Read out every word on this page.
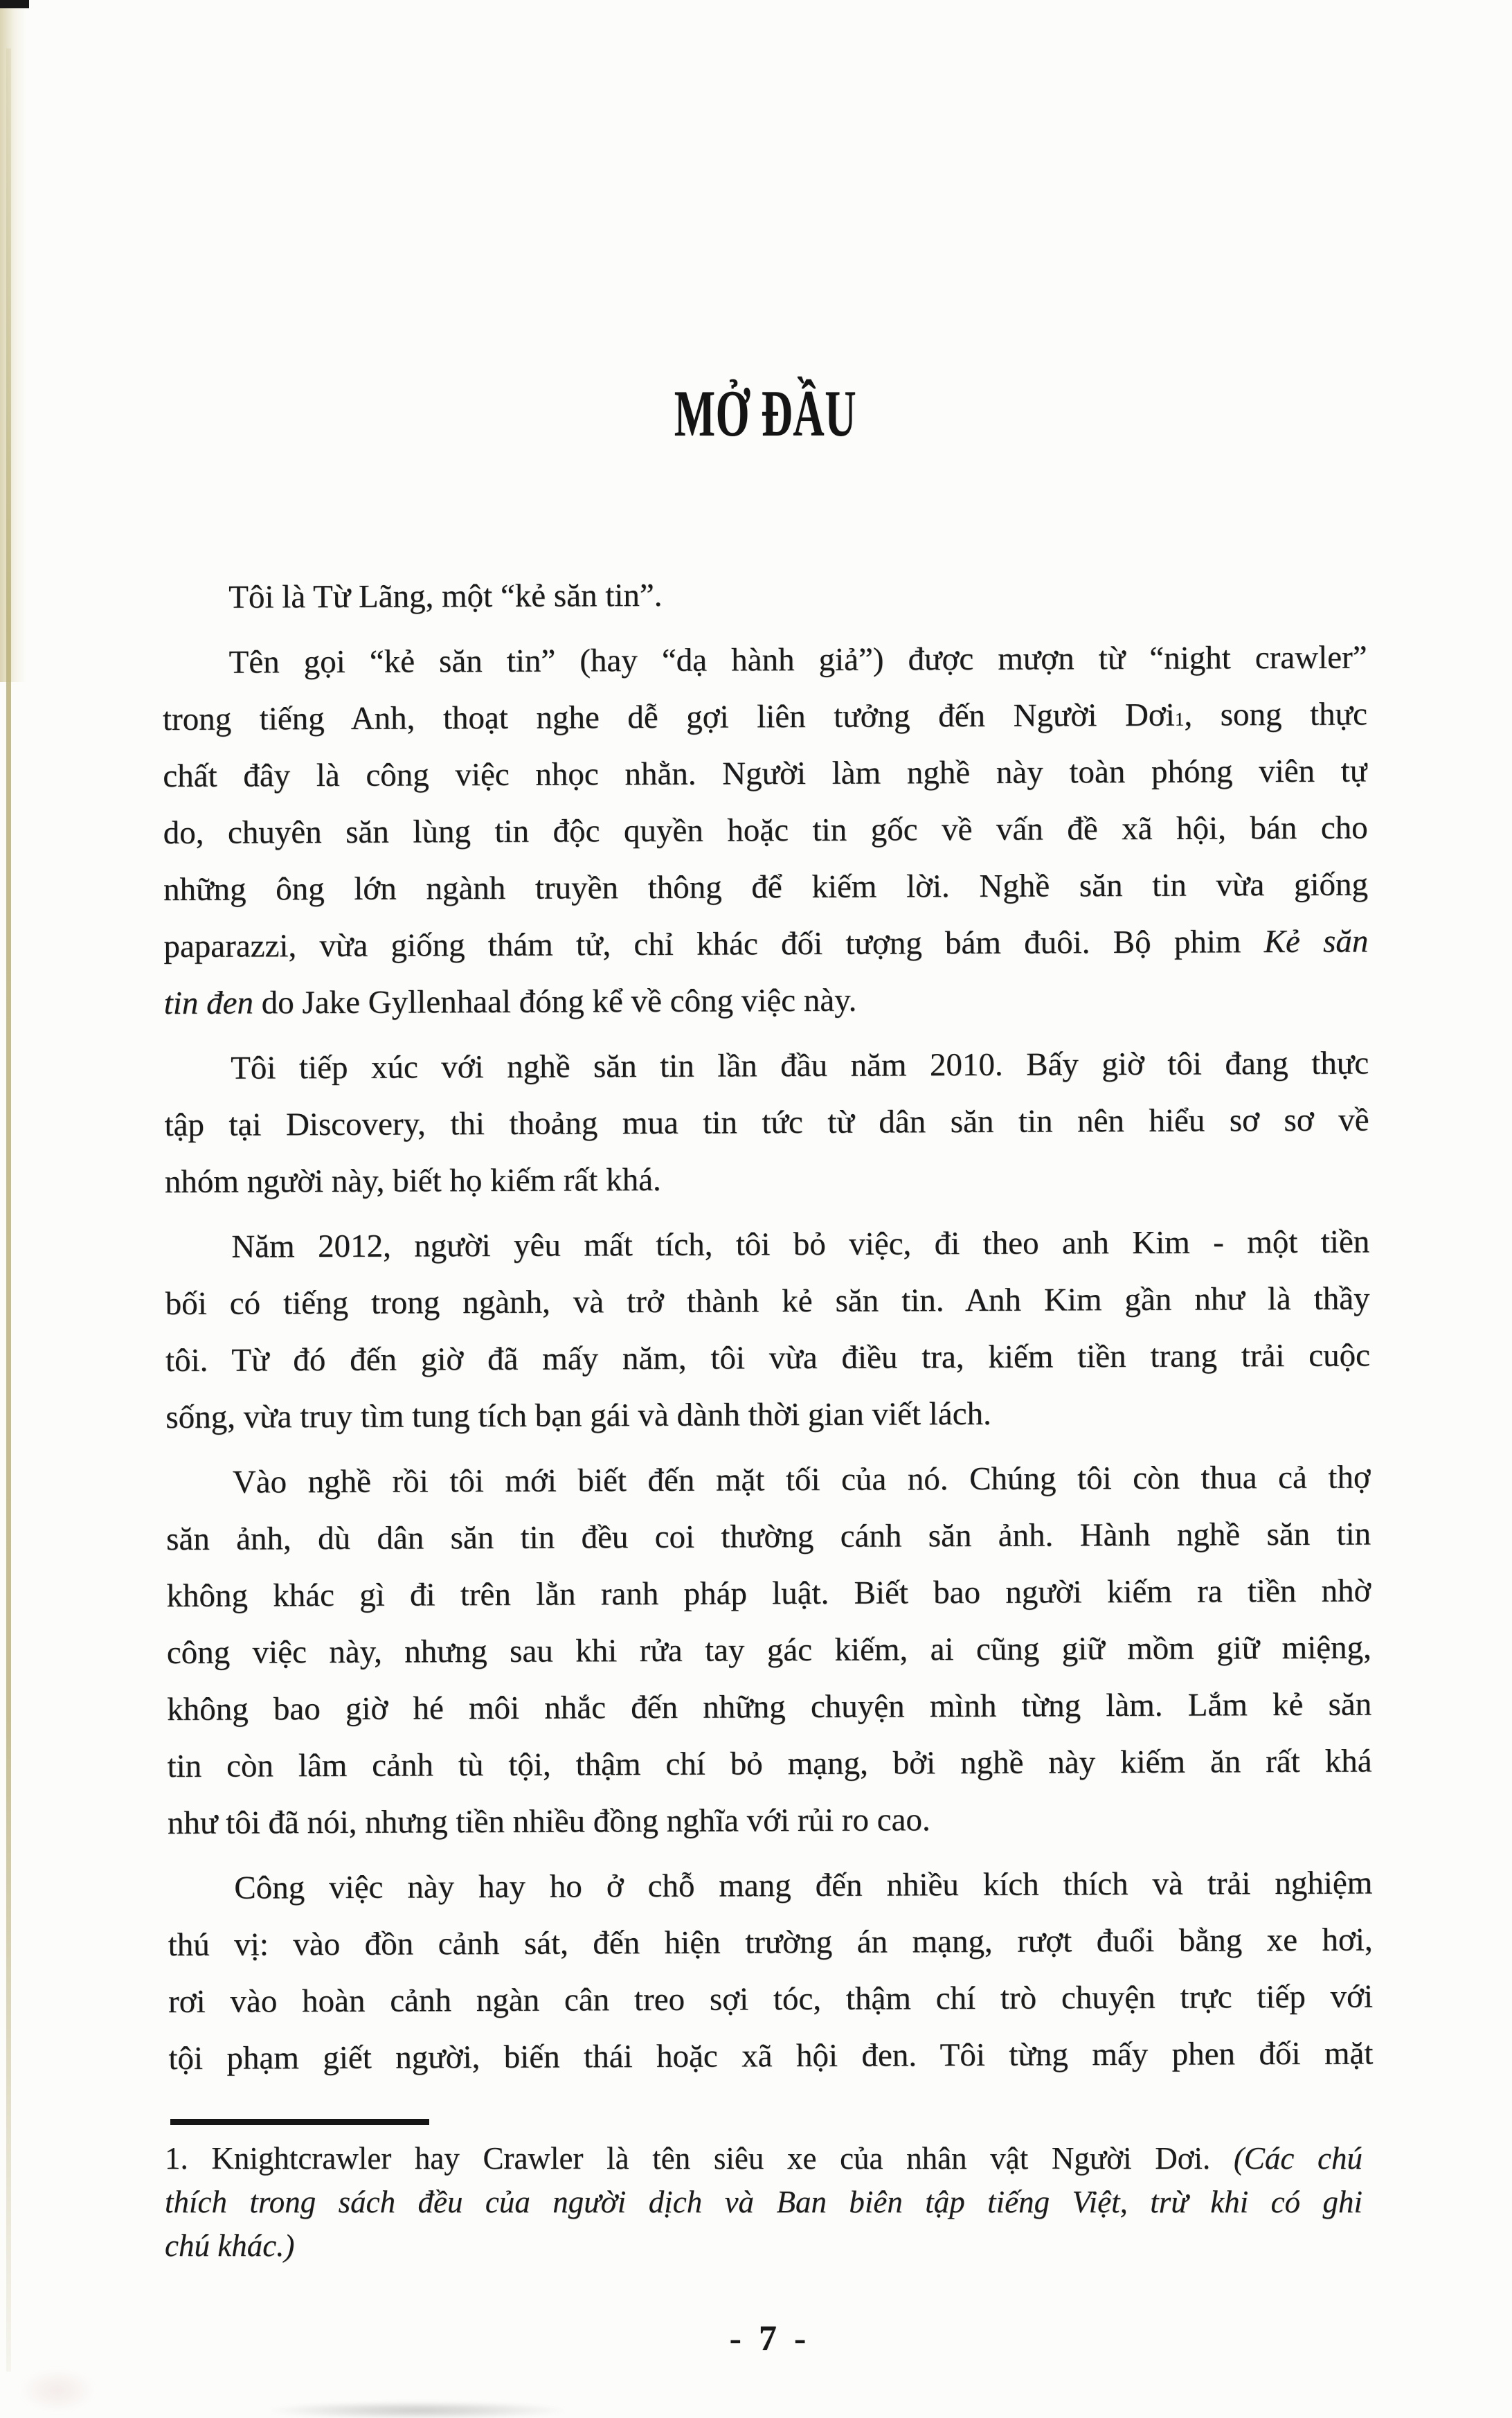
MỞ ĐẦU
Tôi là Từ Lãng, một “kẻ săn tin”.
Tên gọi “kẻ săn tin” (hay “dạ hành giả”) được mượn từ “night crawler”
trong tiếng Anh, thoạt nghe dễ gợi liên tưởng đến Người Dơi$^1$, song thực
chất đây là công việc nhọc nhằn. Người làm nghề này toàn phóng viên tự
do, chuyên săn lùng tin độc quyền hoặc tin gốc về vấn đề xã hội, bán cho
những ông lớn ngành truyền thông để kiếm lời. Nghề săn tin vừa giống
paparazzi, vừa giống thám tử, chỉ khác đối tượng bám đuôi. Bộ phim Kẻ săn
tin đen do Jake Gyllenhaal đóng kể về công việc này.
Tôi tiếp xúc với nghề săn tin lần đầu năm 2010. Bấy giờ tôi đang thực
tập tại Discovery, thi thoảng mua tin tức từ dân săn tin nên hiểu sơ sơ về
nhóm người này, biết họ kiếm rất khá.
Năm 2012, người yêu mất tích, tôi bỏ việc, đi theo anh Kim - một tiền
bối có tiếng trong ngành, và trở thành kẻ săn tin. Anh Kim gần như là thầy
tôi. Từ đó đến giờ đã mấy năm, tôi vừa điều tra, kiếm tiền trang trải cuộc
sống, vừa truy tìm tung tích bạn gái và dành thời gian viết lách.
Vào nghề rồi tôi mới biết đến mặt tối của nó. Chúng tôi còn thua cả thợ
săn ảnh, dù dân săn tin đều coi thường cánh săn ảnh. Hành nghề săn tin
không khác gì đi trên lằn ranh pháp luật. Biết bao người kiếm ra tiền nhờ
công việc này, nhưng sau khi rửa tay gác kiếm, ai cũng giữ mồm giữ miệng,
không bao giờ hé môi nhắc đến những chuyện mình từng làm. Lắm kẻ săn
tin còn lâm cảnh tù tội, thậm chí bỏ mạng, bởi nghề này kiếm ăn rất khá
như tôi đã nói, nhưng tiền nhiều đồng nghĩa với rủi ro cao.
Công việc này hay ho ở chỗ mang đến nhiều kích thích và trải nghiệm
thú vị: vào đồn cảnh sát, đến hiện trường án mạng, rượt đuổi bằng xe hơi,
rơi vào hoàn cảnh ngàn cân treo sợi tóc, thậm chí trò chuyện trực tiếp với
tội phạm giết người, biến thái hoặc xã hội đen. Tôi từng mấy phen đối mặt
1. Knightcrawler hay Crawler là tên siêu xe của nhân vật Người Dơi. (Các chú
thích trong sách đều của người dịch và Ban biên tập tiếng Việt, trừ khi có ghi
chú khác.)
- 7 -
